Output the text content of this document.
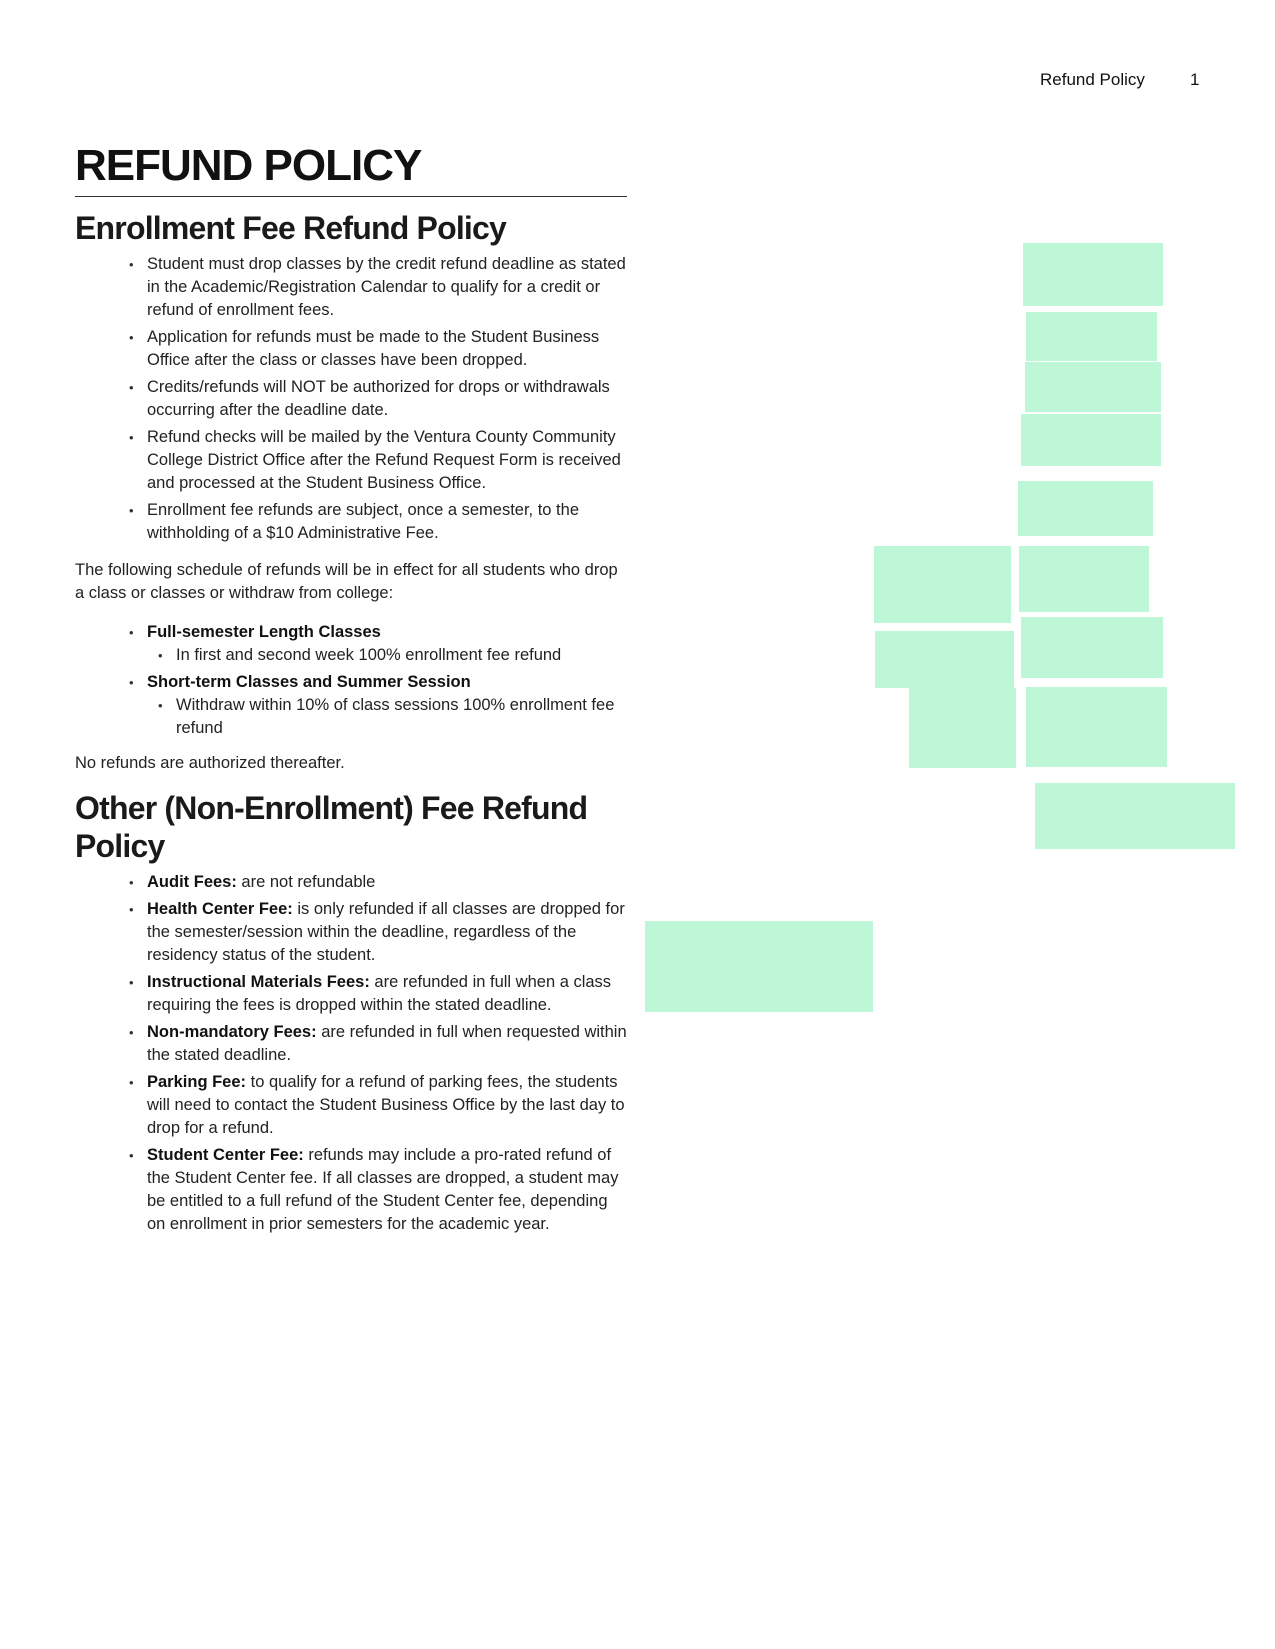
Refund Policy	1
REFUND POLICY
Enrollment Fee Refund Policy
• Student must drop classes by the credit refund deadline as stated in the Academic/Registration Calendar to qualify for a credit or refund of enrollment fees.
• Application for refunds must be made to the Student Business Office after the class or classes have been dropped.
• Credits/refunds will NOT be authorized for drops or withdrawals occurring after the deadline date.
• Refund checks will be mailed by the Ventura County Community College District Office after the Refund Request Form is received and processed at the Student Business Office.
• Enrollment fee refunds are subject, once a semester, to the withholding of a $10 Administrative Fee.

The following schedule of refunds will be in effect for all students who drop a class or classes or withdraw from college:

• Full-semester Length Classes
• In first and second week 100% enrollment fee refund
• Short-term Classes and Summer Session
• Withdraw within 10% of class sessions 100% enrollment fee refund

No refunds are authorized thereafter.

Other (Non-Enrollment) Fee Refund Policy
• Audit Fees: are not refundable
• Health Center Fee: is only refunded if all classes are dropped for the semester/session within the deadline, regardless of the residency status of the student.
• Instructional Materials Fees: are refunded in full when a class requiring the fees is dropped within the stated deadline.
• Non-mandatory Fees: are refunded in full when requested within the stated deadline.
• Parking Fee: to qualify for a refund of parking fees, the students will need to contact the Student Business Office by the last day to drop for a refund.
• Student Center Fee: refunds may include a pro-rated refund of the Student Center fee. If all classes are dropped, a student may be entitled to a full refund of the Student Center fee, depending on enrollment in prior semesters for the academic year.
